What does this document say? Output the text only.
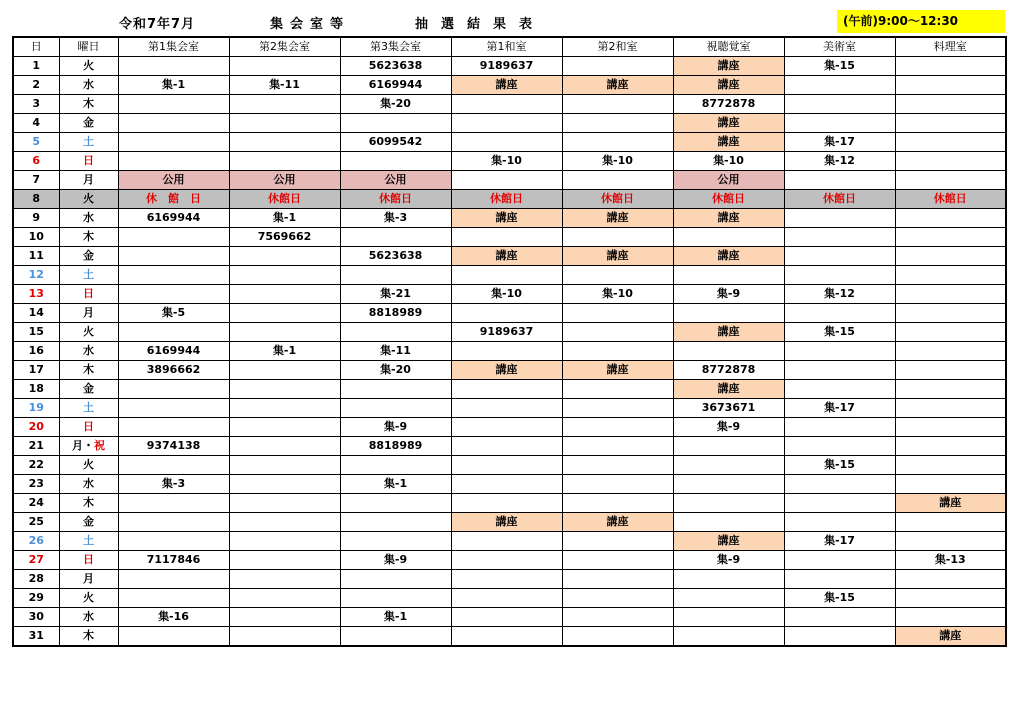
令和7年7月	集会室等	抽選結果表	(午前)9:00～12:30
日	曜日	第1集会室	第2集会室	第3集会室	第1和室	第2和室	視聴覚室	美術室	料理室
1	火			5623638	9189637		講座	集-15	
2	水	集-1	集-11	6169944	講座	講座	講座		
3	木			集-20			8772878		
4	金						講座		
5	土			6099542			講座	集-17	
6	日				集-10	集-10	集-10	集-12	
7	月	公用	公用	公用			公用		
8	火	休　館　日	休館日	休館日	休館日	休館日	休館日	休館日	休館日
9	水	6169944	集-1	集-3	講座	講座	講座		
10	木		7569662						
11	金			5623638	講座	講座	講座		
12	土								
13	日			集-21	集-10	集-10	集-9	集-12	
14	月	集-5		8818989					
15	火				9189637		講座	集-15	
16	水	6169944	集-1	集-11					
17	木	3896662		集-20	講座	講座	8772878		
18	金						講座		
19	土						3673671	集-17	
20	日			集-9			集-9		
21	月・祝	9374138		8818989					
22	火							集-15	
23	水	集-3		集-1					
24	木								講座
25	金				講座	講座			
26	土						講座	集-17	
27	日	7117846		集-9			集-9		集-13
28	月								
29	火							集-15	
30	水	集-16		集-1					
31	木								講座
